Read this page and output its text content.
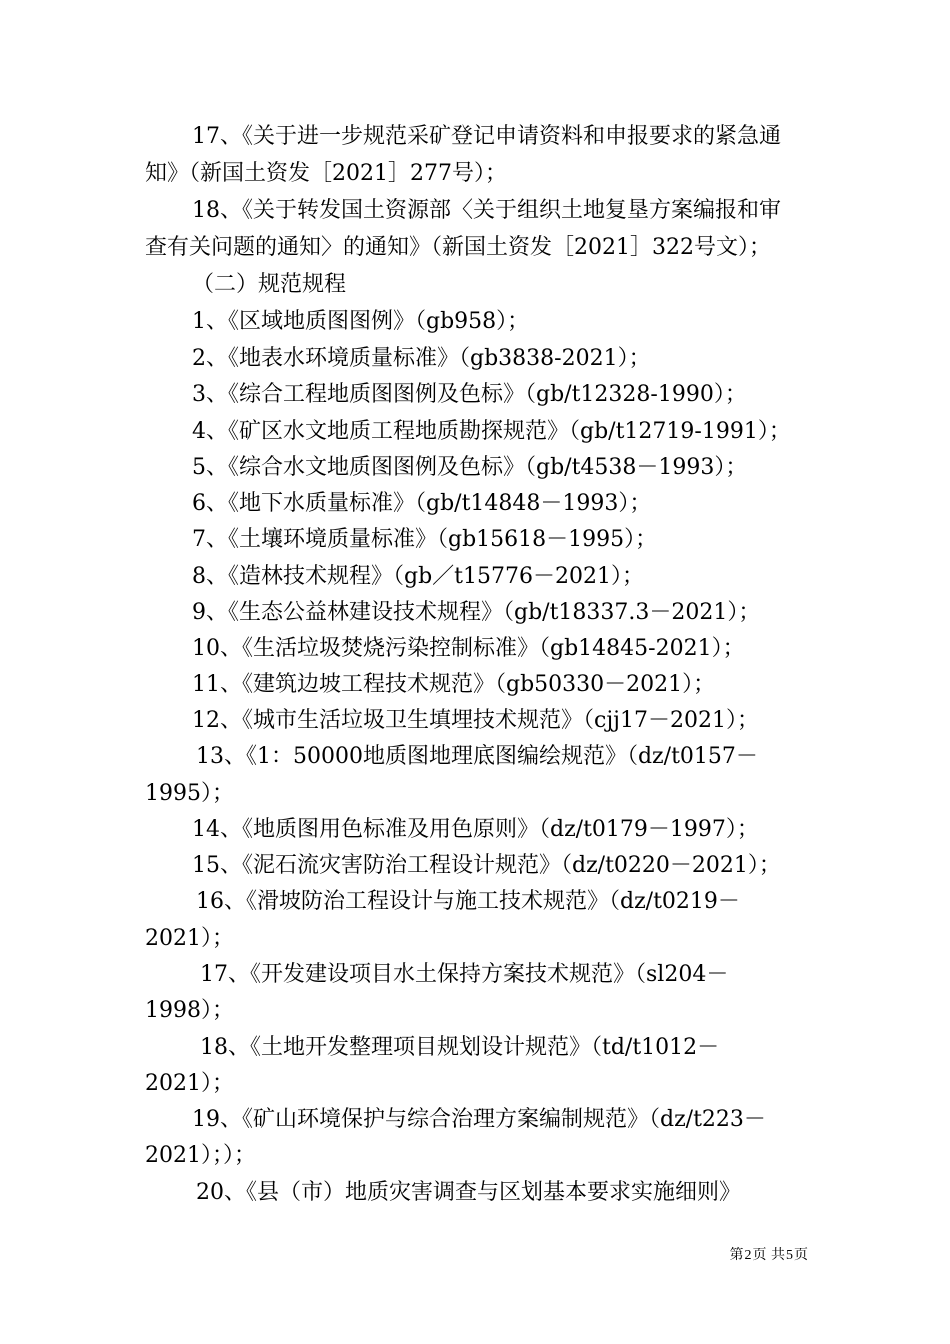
17、《关于进一步规范采矿登记申请资料和申报要求的紧急通
知》（新国土资发［2021］277号）；
18、《关于转发国土资源部〈关于组织土地复垦方案编报和审
查有关问题的通知〉的通知》（新国土资发［2021］322号文）；
（二）规范规程
1、《区域地质图图例》（gb958）；
2、《地表水环境质量标准》（gb3838-2021）；
3、《综合工程地质图图例及色标》（gb/t12328-1990）；
4、《矿区水文地质工程地质勘探规范》（gb/t12719-1991）；
5、《综合水文地质图图例及色标》（gb/t4538－1993）；
6、《地下水质量标准》（gb/t14848－1993）；
7、《土壤环境质量标准》（gb15618－1995）；
8、《造林技术规程》（gb／t15776－2021）；
9、《生态公益林建设技术规程》（gb/t18337.3－2021）；
10、《生活垃圾焚烧污染控制标准》（gb14845-2021）；
11、《建筑边坡工程技术规范》（gb50330－2021）；
12、《城市生活垃圾卫生填埋技术规范》（cjj17－2021）；
13、《1：50000地质图地理底图编绘规范》（dz/t0157－
1995）；
14、《地质图用色标准及用色原则》（dz/t0179－1997）；
15、《泥石流灾害防治工程设计规范》（dz/t0220－2021）；
16、《滑坡防治工程设计与施工技术规范》（dz/t0219－
2021）；
17、《开发建设项目水土保持方案技术规范》（sl204－
1998）；
18、《土地开发整理项目规划设计规范》（td/t1012－
2021）；
19、《矿山环境保护与综合治理方案编制规范》（dz/t223－
2021）；）；
20、《县（市）地质灾害调查与区划基本要求实施细则》
第2页 共5页
